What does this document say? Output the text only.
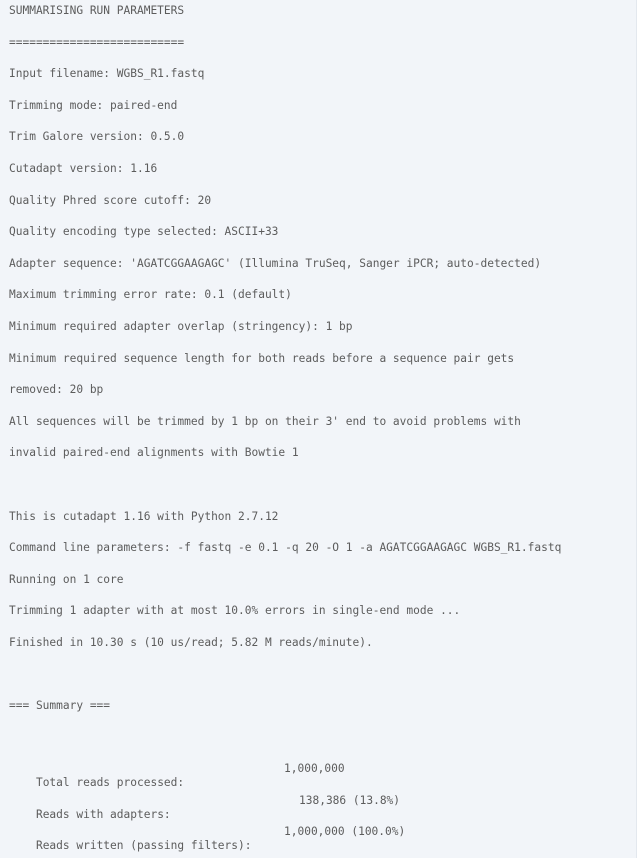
SUMMARISING RUN PARAMETERS
==========================
Input filename: WGBS_R1.fastq
Trimming mode: paired-end
Trim Galore version: 0.5.0
Cutadapt version: 1.16
Quality Phred score cutoff: 20
Quality encoding type selected: ASCII+33
Adapter sequence: 'AGATCGGAAGAGC' (Illumina TruSeq, Sanger iPCR; auto-detected)
Maximum trimming error rate: 0.1 (default)
Minimum required adapter overlap (stringency): 1 bp
Minimum required sequence length for both reads before a sequence pair gets
removed: 20 bp
All sequences will be trimmed by 1 bp on their 3' end to avoid problems with
invalid paired-end alignments with Bowtie 1
This is cutadapt 1.16 with Python 2.7.12
Command line parameters: -f fastq -e 0.1 -q 20 -O 1 -a AGATCGGAAGAGC WGBS_R1.fastq
Running on 1 core
Trimming 1 adapter with at most 10.0% errors in single-end mode ...
Finished in 10.30 s (10 us/read; 5.82 M reads/minute).
=== Summary ===

Total reads processed:
1,000,000

Reads with adapters:
138,386 (13.8%)

Reads written (passing filters):
1,000,000 (100.0%)
